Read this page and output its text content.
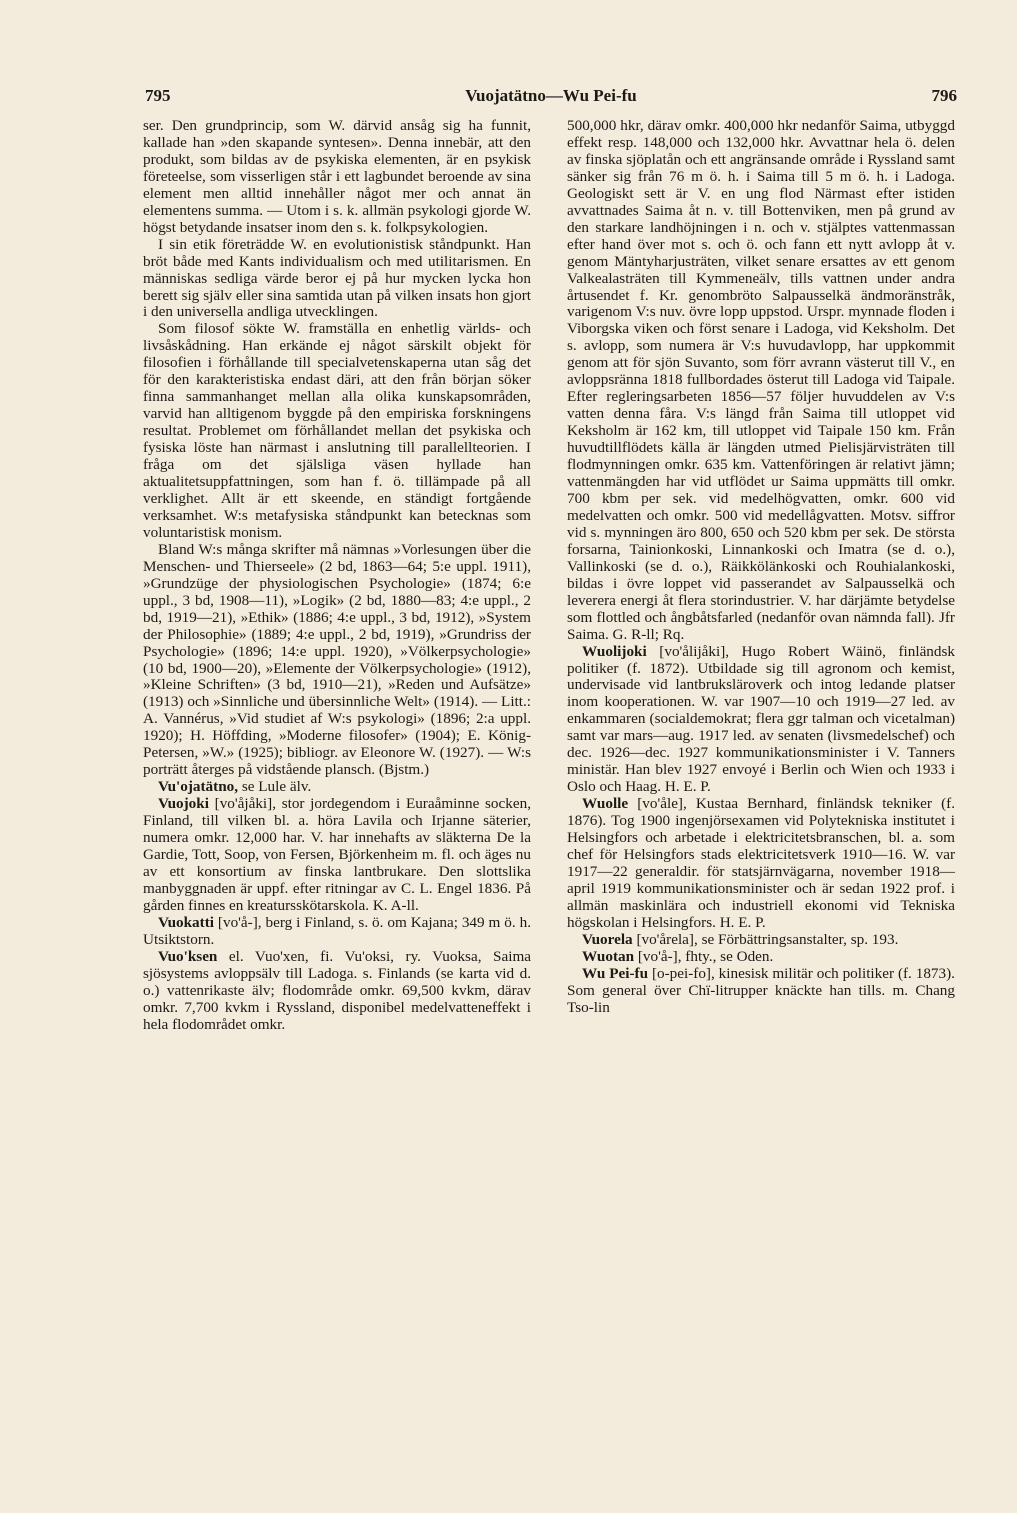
795	Vuojatätno—Wu Pei-fu	796

ser. Den grundprincip, som W. därvid ansåg sig ha funnit, kallade han »den skapande syntesen». Denna innebär, att den produkt, som bildas av de psykiska elementen, är en psykisk företeelse, som visserligen står i ett lagbundet beroende av sina element men alltid innehåller något mer och annat än elementens summa. — Utom i s. k. allmän psykologi gjorde W. högst betydande insatser inom den s. k. folkpsykologien.

I sin etik företrädde W. en evolutionistisk ståndpunkt. Han bröt både med Kants individualism och med utilitarismen. En människas sedliga värde beror ej på hur mycken lycka hon berett sig själv eller sina samtida utan på vilken insats hon gjort i den universella andliga utvecklingen.

Som filosof sökte W. framställa en enhetlig världs- och livsåskådning. Han erkände ej något särskilt objekt för filosofien i förhållande till specialvetenskaperna utan såg det för den karakteristiska endast däri, att den från början söker finna sammanhanget mellan alla olika kunskapsområden, varvid han alltigenom byggde på den empiriska forskningens resultat. Problemet om förhållandet mellan det psykiska och fysiska löste han närmast i anslutning till parallellteorien. I fråga om det själsliga väsen hyllade han aktualitetsuppfattningen, som han f. ö. tillämpade på all verklighet. Allt är ett skeende, en ständigt fortgående verksamhet. W:s metafysiska ståndpunkt kan betecknas som voluntaristisk monism.

Bland W:s många skrifter må nämnas »Vorlesungen über die Menschen- und Thierseele» (2 bd, 1863—64; 5:e uppl. 1911), »Grundzüge der physiologischen Psychologie» (1874; 6:e uppl., 3 bd, 1908—11), »Logik» (2 bd, 1880—83; 4:e uppl., 2 bd, 1919—21), »Ethik» (1886; 4:e uppl., 3 bd, 1912), »System der Philosophie» (1889; 4:e uppl., 2 bd, 1919), »Grundriss der Psychologie» (1896; 14:e uppl. 1920), »Völkerpsychologie» (10 bd, 1900—20), »Elemente der Völkerpsychologie» (1912), »Kleine Schriften» (3 bd, 1910—21), »Reden und Aufsätze» (1913) och »Sinnliche und übersinnliche Welt» (1914). — Litt.: A. Vannérus, »Vid studiet af W:s psykologi» (1896; 2:a uppl. 1920); H. Höffding, »Moderne filosofer» (1904); E. König-Petersen, »W.» (1925); bibliogr. av Eleonore W. (1927). — W:s porträtt återges på vidstående plansch. (Bjstm.)

Vu'ojatätno, se Lule älv.

Vuojoki [vo'åjåki], stor jordegendom i Euraåminne socken, Finland, till vilken bl. a. höra Lavila och Irjanne säterier, numera omkr. 12,000 har. V. har innehafts av släkterna De la Gardie, Tott, Soop, von Fersen, Björkenheim m. fl. och äges nu av ett konsortium av finska lantbrukare. Den slottslika manbyggnaden är uppf. efter ritningar av C. L. Engel 1836. På gården finnes en kreatursskötarskola. K. A-ll.

Vuokatti [vo'å-], berg i Finland, s. ö. om Kajana; 349 m ö. h. Utsiktstorn.

Vuo'ksen el. Vuo'xen, fi. Vu'oksi, ry. Vuoksa, Saima sjösystems avloppsälv till Ladoga. s. Finlands (se karta vid d. o.) vattenrikaste älv; flodområde omkr. 69,500 kvkm, därav omkr. 7,700 kvkm i Ryssland, disponibel medelvatteneffekt i hela flodområdet omkr.

500,000 hkr, därav omkr. 400,000 hkr nedanför Saima, utbyggd effekt resp. 148,000 och 132,000 hkr. Avvattnar hela ö. delen av finska sjöplatån och ett angränsande område i Ryssland samt sänker sig från 76 m ö. h. i Saima till 5 m ö. h. i Ladoga. Geologiskt sett är V. en ung flod Närmast efter istiden avvattnades Saima åt n. v. till Bottenviken, men på grund av den starkare landhöjningen i n. och v. stjälptes vattenmassan efter hand över mot s. och ö. och fann ett nytt avlopp åt v. genom Mäntyharjusträten, vilket senare ersattes av ett genom Valkealasträten till Kymmeneälv, tills vattnen under andra årtusendet f. Kr. genombröto Salpausselkä ändmoränstråk, varigenom V:s nuv. övre lopp uppstod. Urspr. mynnade floden i Viborgska viken och först senare i Ladoga, vid Keksholm. Det s. avlopp, som numera är V:s huvudavlopp, har uppkommit genom att för sjön Suvanto, som förr avrann västerut till V., en avloppsränna 1818 fullbordades österut till Ladoga vid Taipale. Efter regleringsarbeten 1856—57 följer huvuddelen av V:s vatten denna fåra. V:s längd från Saima till utloppet vid Keksholm är 162 km, till utloppet vid Taipale 150 km. Från huvudtillflödets källa är längden utmed Pielisjärvisträten till flodmynningen omkr. 635 km. Vattenföringen är relativt jämn; vattenmängden har vid utflödet ur Saima uppmätts till omkr. 700 kbm per sek. vid medelhögvatten, omkr. 600 vid medelvatten och omkr. 500 vid medellågvatten. Motsv. siffror vid s. mynningen äro 800, 650 och 520 kbm per sek. De största forsarna, Tainionkoski, Linnankoski och Imatra (se d. o.), Vallinkoski (se d. o.), Räikkölänkoski och Rouhialankoski, bildas i övre loppet vid passerandet av Salpausselkä och leverera energi åt flera storindustrier. V. har därjämte betydelse som flottled och ångbåtsfarled (nedanför ovan nämnda fall). Jfr Saima. G. R-ll; Rq.

Wuolijoki [vo'ålijåki], Hugo Robert Wäinö, finländsk politiker (f. 1872). Utbildade sig till agronom och kemist, undervisade vid lantbruksläroverk och intog ledande platser inom kooperationen. W. var 1907—10 och 1919—27 led. av enkammaren (socialdemokrat; flera ggr talman och vicetalman) samt var mars—aug. 1917 led. av senaten (livsmedelschef) och dec. 1926—dec. 1927 kommunikationsminister i V. Tanners ministär. Han blev 1927 envoyé i Berlin och Wien och 1933 i Oslo och Haag. H. E. P.

Wuolle [vo'åle], Kustaa Bernhard, finländsk tekniker (f. 1876). Tog 1900 ingenjörsexamen vid Polytekniska institutet i Helsingfors och arbetade i elektricitetsbranschen, bl. a. som chef för Helsingfors stads elektricitetsverk 1910—16. W. var 1917—22 generaldir. för statsjärnvägarna, november 1918—april 1919 kommunikationsminister och är sedan 1922 prof. i allmän maskinlära och industriell ekonomi vid Tekniska högskolan i Helsingfors. H. E. P.

Vuorela [vo'årela], se Förbättringsanstalter, sp. 193.

Wuotan [vo'å-], fhty., se Oden.

Wu Pei-fu [o-pei-fo], kinesisk militär och politiker (f. 1873). Som general över Chï-litrupper knäckte han tills. m. Chang Tso-lin
